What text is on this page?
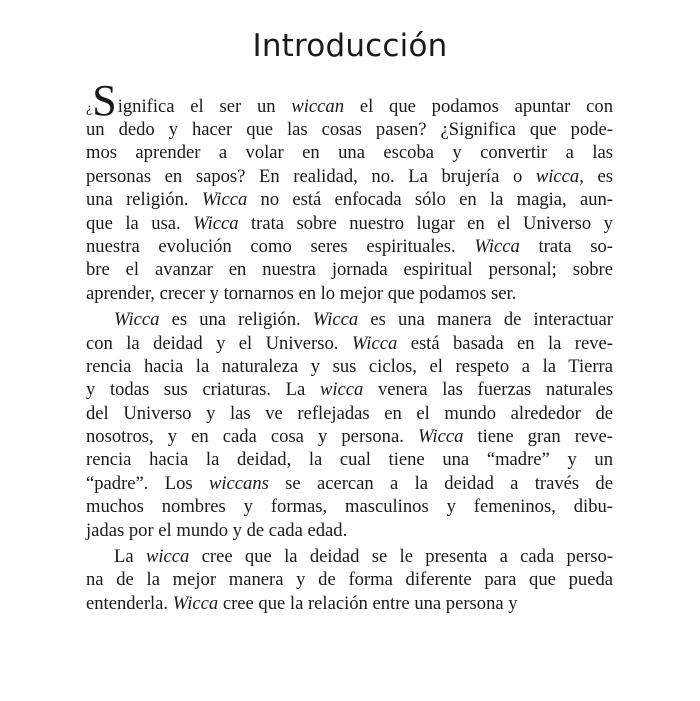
Introducción
¿Significa el ser un wiccan el que podamos apuntar con
un dedo y hacer que las cosas pasen? ¿Significa que pode-
mos aprender a volar en una escoba y convertir a las
personas en sapos? En realidad, no. La brujería o wicca, es
una religión. Wicca no está enfocada sólo en la magia, aun-
que la usa. Wicca trata sobre nuestro lugar en el Universo y
nuestra evolución como seres espirituales. Wicca trata so-
bre el avanzar en nuestra jornada espiritual personal; sobre
aprender, crecer y tornarnos en lo mejor que podamos ser.
Wicca es una religión. Wicca es una manera de interactuar
con la deidad y el Universo. Wicca está basada en la reve-
rencia hacia la naturaleza y sus ciclos, el respeto a la Tierra
y todas sus criaturas. La wicca venera las fuerzas naturales
del Universo y las ve reflejadas en el mundo alrededor de
nosotros, y en cada cosa y persona. Wicca tiene gran reve-
rencia hacia la deidad, la cual tiene una “madre” y un
“padre”. Los wiccans se acercan a la deidad a través de
muchos nombres y formas, masculinos y femeninos, dibu-
jadas por el mundo y de cada edad.
La wicca cree que la deidad se le presenta a cada perso-
na de la mejor manera y de forma diferente para que pueda
entenderla. Wicca cree que la relación entre una persona y
